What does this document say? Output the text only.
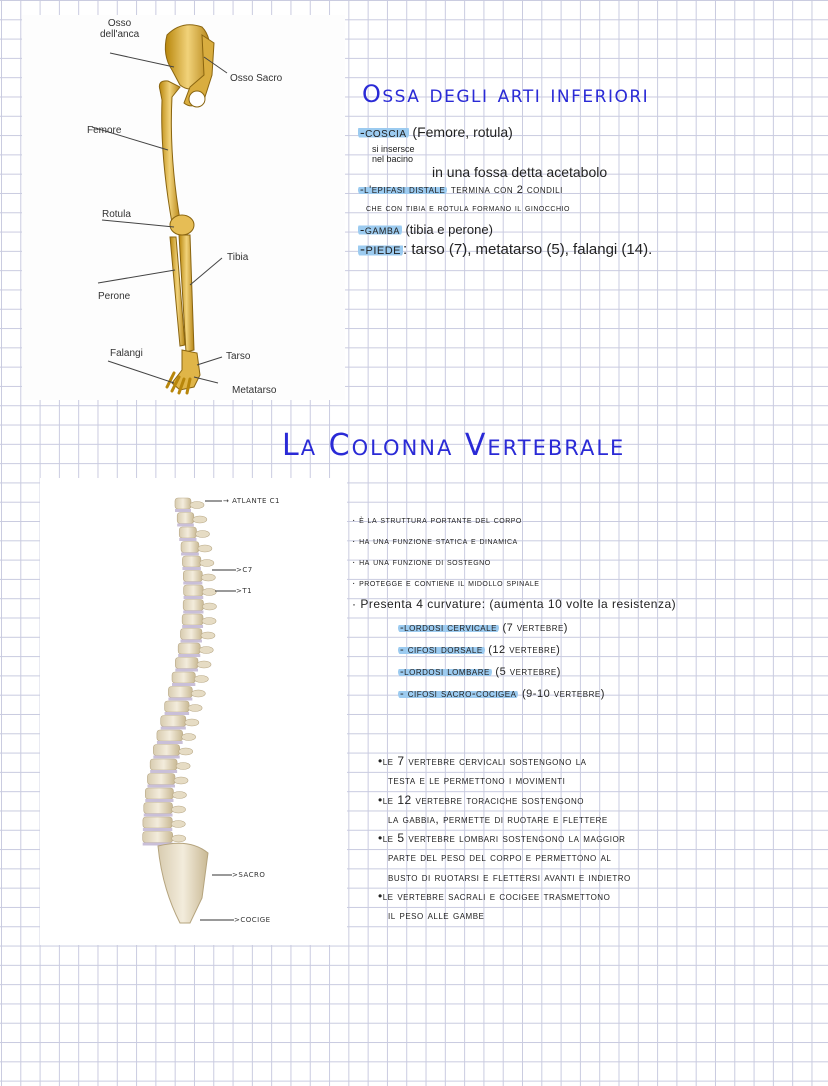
Osso
dell'anca
Osso Sacro
Femore
Rotula
Tibia
Perone
Falangi	Tarso
Metatarso
Ossa degli arti inferiori
-coscia (Femore, rotula)
si insersce
nel bacino
in una fossa detta acetabolo
-l'epifasi distale termina con 2 condili
che con tibia e rotula formano il ginocchio
-gamba (tibia e perone)
-piede : tarso (7), metatarso (5), falangi (14).
La Colonna Vertebrale
→ ATLANTE C1
>C7
>T1
>SACRO
>COCIGE
· è la struttura portante del corpo
· ha una funzione statica e dinamica
· ha una funzione di sostegno
· protegge e contiene il midollo spinale
· Presenta 4 curvature: (aumenta 10 volte la resistenza)
-lordosi cervicale (7 vertebre)
- cifosi dorsale (12 vertebre)
-lordosi lombare (5 vertebre)
- cifosi sacro-cocigea (9-10 vertebre)
•le 7 vertebre cervicali sostengono la
testa e le permettono i movimenti
•le 12 vertebre toraciche sostengono
la gabbia, permette di ruotare e flettere
•le 5 vertebre lombari sostengono la maggior
parte del peso del corpo e permettono al
busto di ruotarsi e flettersi avanti e indietro
•le vertebre sacrali e cocigee trasmettono
il peso alle gambe
